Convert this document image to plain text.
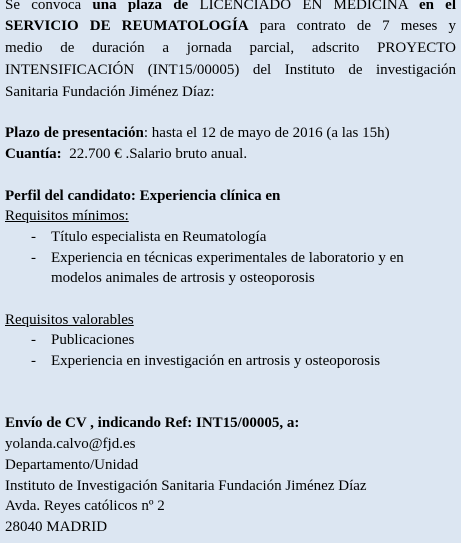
Se convoca una plaza de LICENCIADO EN MEDICINA en el
SERVICIO DE REUMATOLOGÍA para contrato de 7 meses y
medio de duración a jornada parcial, adscrito PROYECTO
INTENSIFICACIÓN (INT15/00005) del Instituto de investigación
Sanitaria Fundación Jiménez Díaz:
Plazo de presentación: hasta el 12 de mayo de 2016 (a las 15h)
Cuantía:  22.700 € .Salario bruto anual.
Perfil del candidato: Experiencia clínica en
Requisitos mínimos:
- Título especialista en Reumatología
- Experiencia en técnicas experimentales de laboratorio y en
modelos animales de artrosis y osteoporosis
Requisitos valorables
- Publicaciones
- Experiencia en investigación en artrosis y osteoporosis
Envío de CV , indicando Ref: INT15/00005, a:
yolanda.calvo@fjd.es
Departamento/Unidad
Instituto de Investigación Sanitaria Fundación Jiménez Díaz
Avda. Reyes católicos nº 2
28040 MADRID
